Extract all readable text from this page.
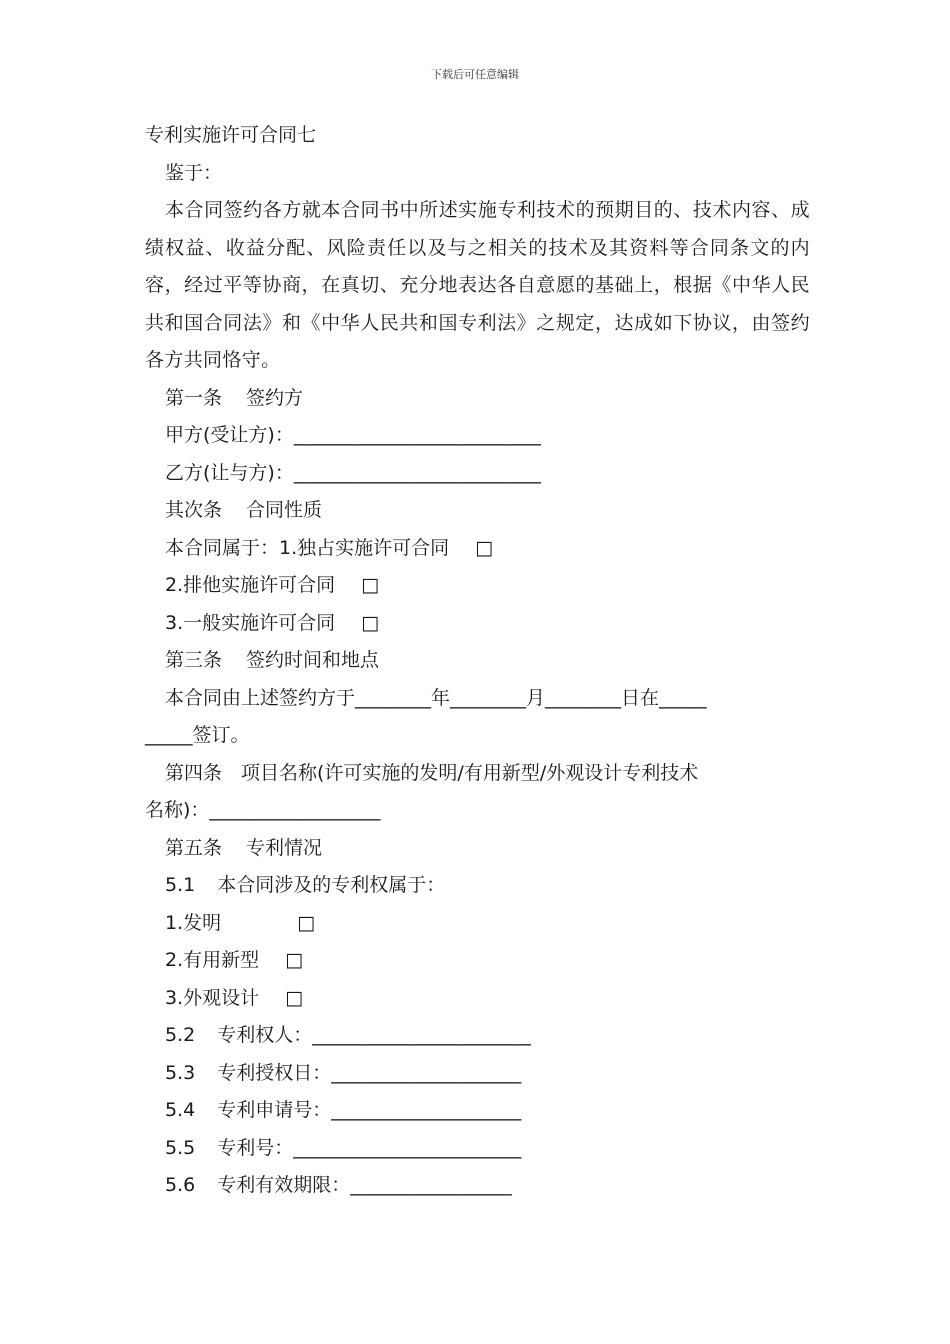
下载后可任意编辑
专利实施许可合同七
鉴于：
本合同签约各方就本合同书中所述实施专利技术的预期目的、技术内容、成绩权益、收益分配、风险责任以及与之相关的技术及其资料等合同条文的内容，经过平等协商，在真切、充分地表达各自意愿的基础上，根据《中华人民共和国合同法》和《中华人民共和国专利法》之规定，达成如下协议，由签约各方共同恪守。
第一条 签约方
甲方(受让方)：__________________________
乙方(让与方)：__________________________
其次条 合同性质
本合同属于：1.独占实施许可合同 □
2.排他实施许可合同 □
3.一般实施许可合同 □
第三条 签约时间和地点
本合同由上述签约方于________年________月________日在_____
_____签订。
第四条　项目名称(许可实施的发明/有用新型/外观设计专利技术
名称)：__________________
第五条 专利情况
5.1 本合同涉及的专利权属于：
1.发明	□
2.有用新型 □
3.外观设计 □
5.2 专利权人：_______________________
5.3 专利授权日：____________________
5.4 专利申请号：____________________
5.5 专利号：________________________
5.6 专利有效期限：_________________
